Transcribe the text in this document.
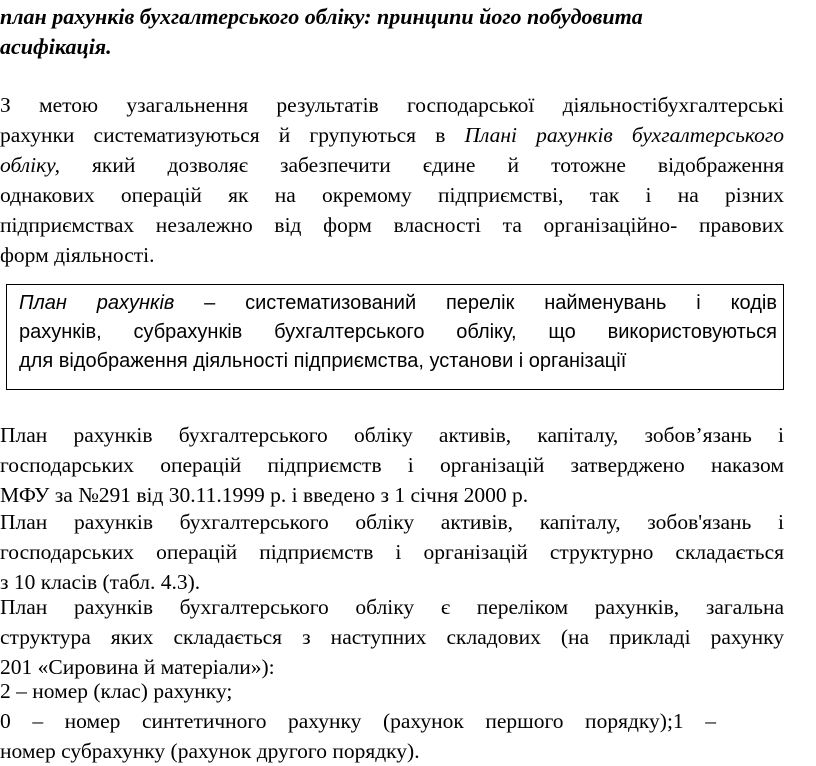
план рахунків бухгалтерського обліку: принципи його побудовита
асифікація.

З метою узагальнення результатів господарської діяльностібухгалтерські
рахунки систематизуються й групуються в Плані рахунків бухгалтерського
обліку, який дозволяє забезпечити єдине й тотожне відображення
однакових операцій як на окремому підприємстві, так і на різних
підприємствах незалежно від форм власності та організаційно- правових
форм діяльності.

План рахунків – систематизований перелік найменувань і кодів
рахунків, субрахунків бухгалтерського обліку, що використовуються
для відображення діяльності підприємства, установи і організації

План рахунків бухгалтерського обліку активів, капіталу, зобов’язань і
господарських операцій підприємств і організацій затверджено наказом
МФУ за №291 від 30.11.1999 р. і введено з 1 січня 2000 р.

План рахунків бухгалтерського обліку активів, капіталу, зобов'язань і
господарських операцій підприємств і організацій структурно складається
з 10 класів (табл. 4.3).

План рахунків бухгалтерського обліку є переліком рахунків, загальна
структура яких складається з наступних складових (на прикладі рахунку
201 «Сировина й матеріали»):

2 – номер (клас) рахунку;
0 – номер синтетичного рахунку (рахунок першого порядку);1 –
номер субрахунку (рахунок другого порядку).
